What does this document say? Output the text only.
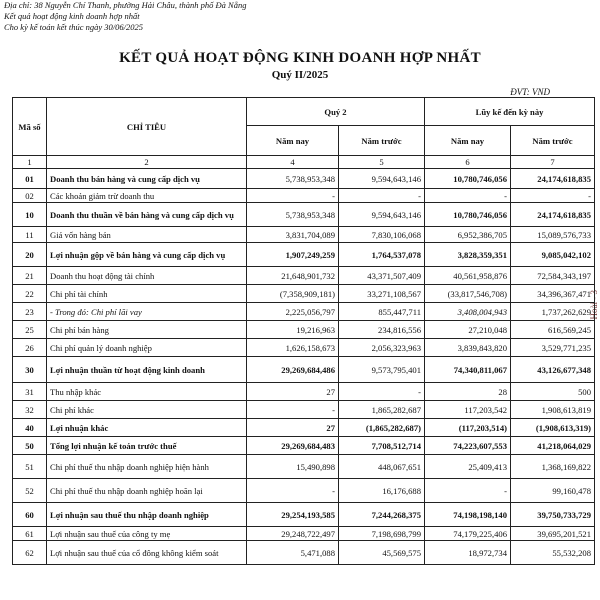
Địa chỉ: 38 Nguyễn Chí Thanh, phường Hải Châu, thành phố Đà Nẵng
Kết quả hoạt động kinh doanh hợp nhất
Cho kỳ kế toán kết thúc ngày 30/06/2025
KẾT QUẢ HOẠT ĐỘNG KINH DOANH HỢP NHẤT
Quý II/2025
ĐVT: VND
Hoài - 3
Mã số	CHỈ TIÊU	Quý 2		Lũy kế đến kỳ này	
		Năm nay	Năm trước	Năm nay	Năm trước
1	2	4	5	6	7
01	Doanh thu bán hàng và cung cấp dịch vụ	5,738,953,348	9,594,643,146	10,780,746,056	24,174,618,835
02	Các khoản giảm trừ doanh thu	-	-	-	-
10	Doanh thu thuần về bán hàng và cung cấp dịch vụ	5,738,953,348	9,594,643,146	10,780,746,056	24,174,618,835
11	Giá vốn hàng bán	3,831,704,089	7,830,106,068	6,952,386,705	15,089,576,733
20	Lợi nhuận gộp về bán hàng và cung cấp dịch vụ	1,907,249,259	1,764,537,078	3,828,359,351	9,085,042,102
21	Doanh thu hoạt động tài chính	21,648,901,732	43,371,507,409	40,561,958,876	72,584,343,197
22	Chi phí tài chính	(7,358,909,181)	33,271,108,567	(33,817,546,708)	34,396,367,471
23	- Trong đó: Chi phí lãi vay	2,225,056,797	855,447,711	3,408,004,943	1,737,262,629
25	Chi phí bán hàng	19,216,963	234,816,556	27,210,048	616,569,245
26	Chi phí quản lý doanh nghiệp	1,626,158,673	2,056,323,963	3,839,843,820	3,529,771,235
30	Lợi nhuận thuần từ hoạt động kinh doanh	29,269,684,486	9,573,795,401	74,340,811,067	43,126,677,348
31	Thu nhập khác	27	-	28	500
32	Chi phí khác	-	1,865,282,687	117,203,542	1,908,613,819
40	Lợi nhuận khác	27	(1,865,282,687)	(117,203,514)	(1,908,613,319)
50	Tổng lợi nhuận kế toán trước thuế	29,269,684,483	7,708,512,714	74,223,607,553	41,218,064,029
51	Chi phí thuế thu nhập doanh nghiệp hiện hành	15,490,898	448,067,651	25,409,413	1,368,169,822
52	Chi phí thuế thu nhập doanh nghiệp hoãn lại	-	16,176,688	-	99,160,478
60	Lợi nhuận sau thuế thu nhập doanh nghiệp	29,254,193,585	7,244,268,375	74,198,198,140	39,750,733,729
61	Lợi nhuận sau thuế của công ty mẹ	29,248,722,497	7,198,698,799	74,179,225,406	39,695,201,521
62	Lợi nhuận sau thuế của cổ đông không kiểm soát	5,471,088	45,569,575	18,972,734	55,532,208
